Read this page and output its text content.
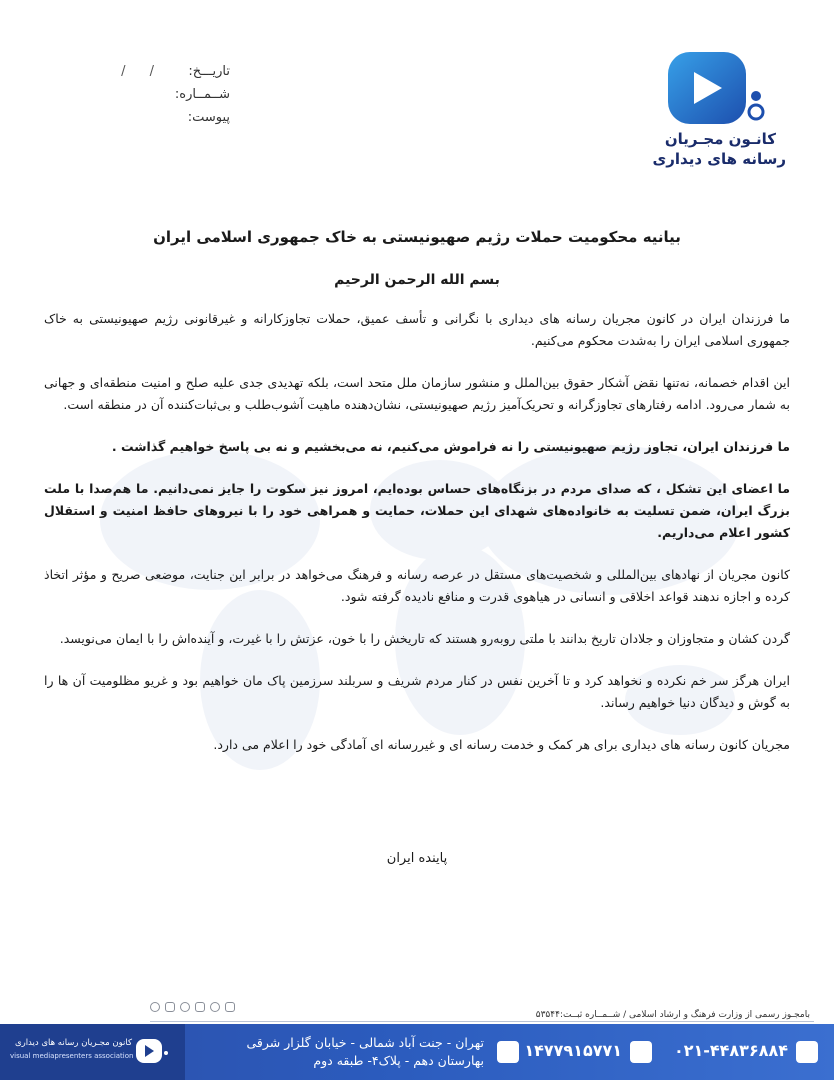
کانـون مجـریان
رسانه های دیداری
تاریـــخ:
/ /
شــمــاره:
پیوست:
بیانیه محکومیت حملات رژیم صهیونیستی به خاک جمهوری اسلامی ایران
بسم الله الرحمن الرحیم

ما فرزندان ایران در کانون مجریان رسانه های دیداری با نگرانی و تأسف عمیق، حملات تجاوزکارانه و غیرقانونی رژیم صهیونیستی به خاک جمهوری اسلامی ایران را به‌شدت محکوم می‌کنیم.

این اقدام خصمانه، نه‌تنها نقض آشکار حقوق بین‌الملل و منشور سازمان ملل متحد است، بلکه تهدیدی جدی علیه صلح و امنیت منطقه‌ای و جهانی به شمار می‌رود. ادامه رفتارهای تجاوزگرانه و تحریک‌آمیز رژیم صهیونیستی، نشان‌دهنده ماهیت آشوب‌طلب و بی‌ثبات‌کننده آن در منطقه است.

ما فرزندان ایران، تجاوز رژیم صهیونیستی را نه فراموش می‌کنیم، نه می‌بخشیم و نه بی پاسخ خواهیم گذاشت .

ما اعضای این تشکل ، که صدای مردم در بزنگاه‌های حساس بوده‌ایم، امروز نیز سکوت را جایز نمی‌دانیم. ما هم‌صدا با ملت بزرگ ایران، ضمن تسلیت به خانواده‌های شهدای این حملات، حمایت و همراهی خود را با نیروهای حافظ امنیت و استقلال کشور اعلام می‌داریم.

کانون مجریان از نهادهای بین‌المللی و شخصیت‌های مستقل در عرصه رسانه و فرهنگ می‌خواهد در برابر این جنایت، موضعی صریح و مؤثر اتخاذ کرده و اجازه ندهند قواعد اخلاقی و انسانی در هیاهوی قدرت و منافع نادیده گرفته شود.

گردن کشان و متجاوزان و جلادان تاریخ بدانند با ملتی روبه‌رو هستند که تاریخش را با خون، عزتش را با غیرت، و آینده‌اش را با ایمان می‌نویسد.

ایران هرگز سر خم نکرده و نخواهد کرد و تا آخرین نفس در کنار مردم شریف و سربلند سرزمین پاک مان خواهیم بود و غریو مظلومیت آن ها را به گوش و دیدگان دنیا خواهیم رساند.

مجریان کانون رسانه های دیداری برای هر کمک و خدمت رسانه ای و غیررسانه ای آمادگی خود را اعلام می دارد.

پاینده ایران
بامجـوز رسمی از وزارت فرهنگ و ارشاد اسلامی / شــمــاره ثبــت:۵۳۵۴۴
۰۲۱-۴۴۸۳۶۸۸۴
۱۴۷۷۹۱۵۷۷۱
تهران - جنت آباد شمالی - خیابان گلزار شرقی
بهارستان دهم - پلاک۴- طبقه دوم
کانون مجـریان رسانه های دیداری
visual mediapresenters association
